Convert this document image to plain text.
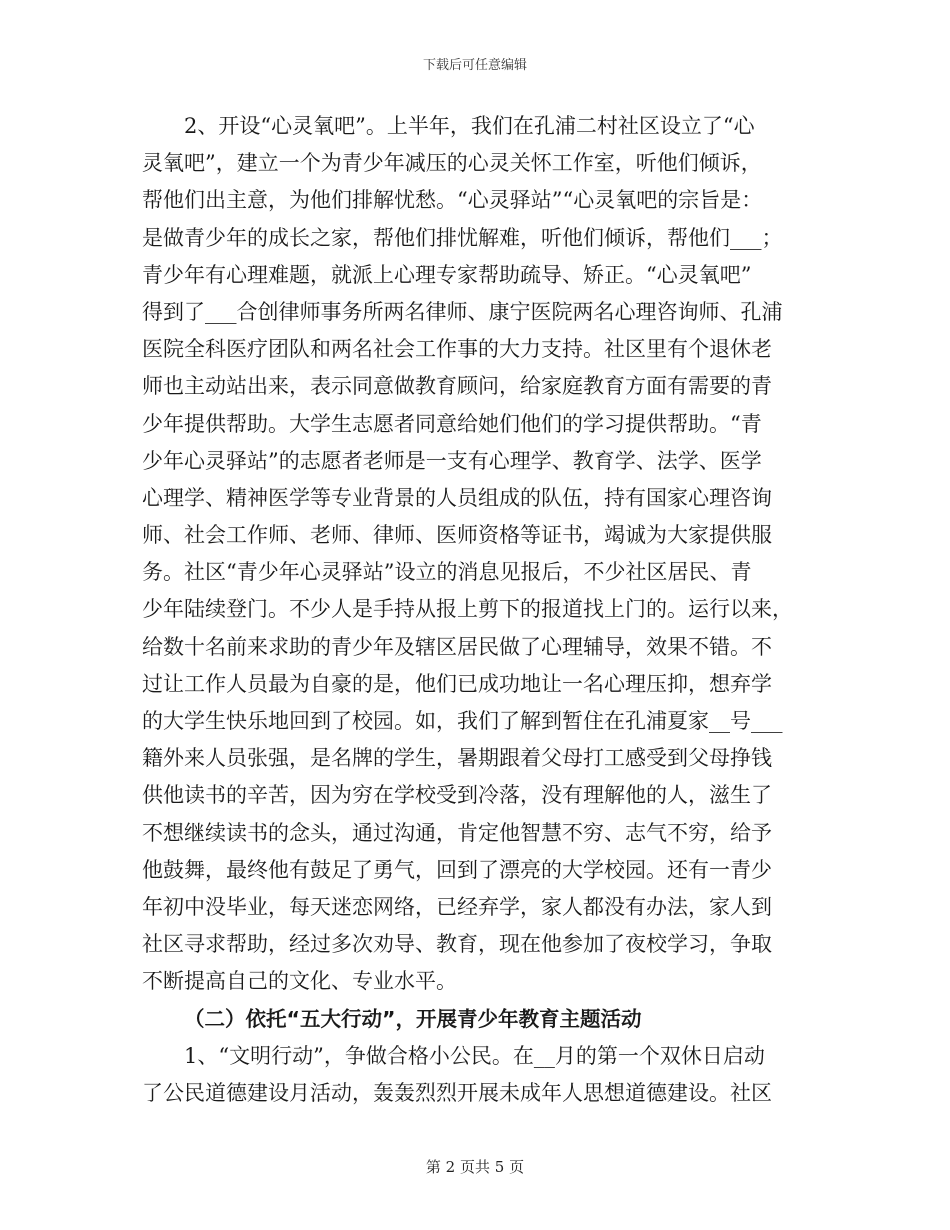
下载后可任意编辑
2、开设“心灵氧吧”。上半年，我们在孔浦二村社区设立了“心
灵氧吧”，建立一个为青少年减压的心灵关怀工作室，听他们倾诉，
帮他们出主意，为他们排解忧愁。“心灵驿站”“心灵氧吧的宗旨是：
是做青少年的成长之家，帮他们排忧解难，听他们倾诉，帮他们___；
青少年有心理难题，就派上心理专家帮助疏导、矫正。“心灵氧吧”
得到了___合创律师事务所两名律师、康宁医院两名心理咨询师、孔浦
医院全科医疗团队和两名社会工作事的大力支持。社区里有个退休老
师也主动站出来，表示同意做教育顾问，给家庭教育方面有需要的青
少年提供帮助。大学生志愿者同意给她们他们的学习提供帮助。“青
少年心灵驿站”的志愿者老师是一支有心理学、教育学、法学、医学
心理学、精神医学等专业背景的人员组成的队伍，持有国家心理咨询
师、社会工作师、老师、律师、医师资格等证书，竭诚为大家提供服
务。社区“青少年心灵驿站”设立的消息见报后，不少社区居民、青
少年陆续登门。不少人是手持从报上剪下的报道找上门的。运行以来，
给数十名前来求助的青少年及辖区居民做了心理辅导，效果不错。不
过让工作人员最为自豪的是，他们已成功地让一名心理压抑，想弃学
的大学生快乐地回到了校园。如，我们了解到暂住在孔浦夏家__号___
籍外来人员张强，是名牌的学生，暑期跟着父母打工感受到父母挣钱
供他读书的辛苦，因为穷在学校受到冷落，没有理解他的人，滋生了
不想继续读书的念头，通过沟通，肯定他智慧不穷、志气不穷，给予
他鼓舞，最终他有鼓足了勇气，回到了漂亮的大学校园。还有一青少
年初中没毕业，每天迷恋网络，已经弃学，家人都没有办法，家人到
社区寻求帮助，经过多次劝导、教育，现在他参加了夜校学习，争取
不断提高自己的文化、专业水平。
（二）依托“五大行动”，开展青少年教育主题活动
1、“文明行动”，争做合格小公民。在__月的第一个双休日启动
了公民道德建设月活动，轰轰烈烈开展未成年人思想道德建设。社区
第 2 页共 5 页
